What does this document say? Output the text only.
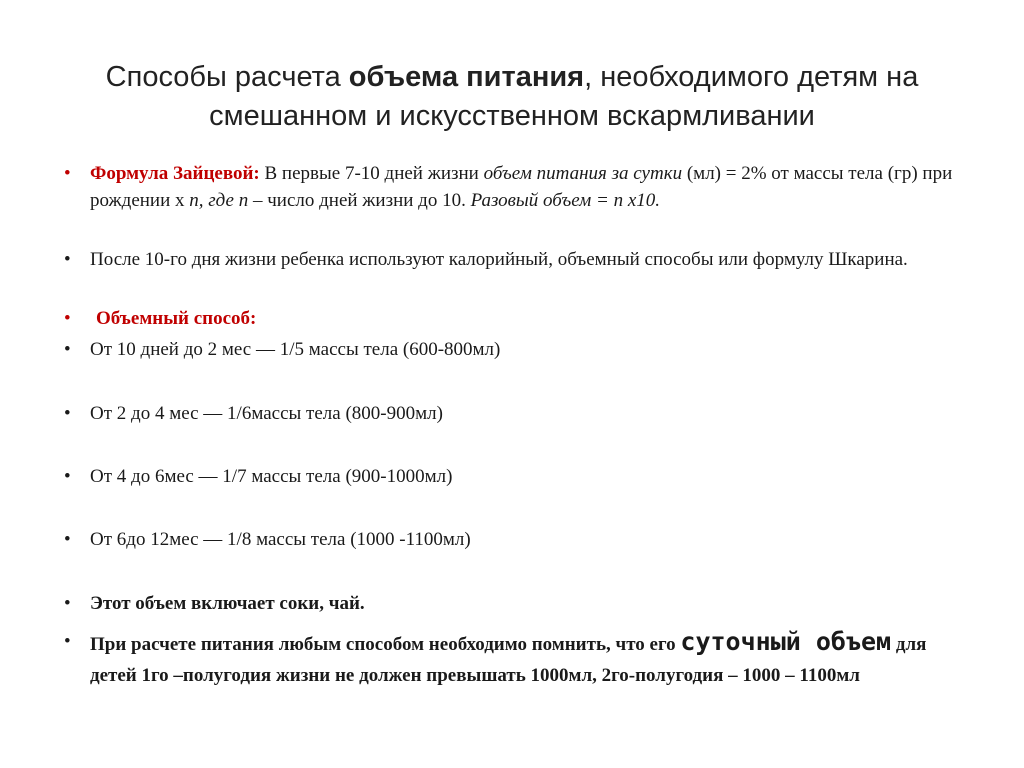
Способы расчета объема питания, необходимого детям на
смешанном и искусственном вскармливании
•	Формула Зайцевой: В первые 7-10 дней жизни объем питания за сутки (мл) = 2% от массы тела (гр) при рождении х n, где n – число дней жизни до 10. Разовый объем = n х10.
•	После 10-го дня жизни ребенка используют калорийный, объемный способы или формулу Шкарина.
•	Объемный способ:
•	От 10 дней до 2 мес — 1/5 массы тела (600-800мл)
•	От 2 до 4 мес — 1/6массы тела (800-900мл)
•	От 4 до 6мес — 1/7 массы тела (900-1000мл)
•	От 6до 12мес — 1/8 массы тела (1000 -1100мл)
•	Этот объем включает соки, чай.
•	При расчете питания любым способом необходимо помнить, что его суточный объем для детей 1го –полугодия жизни не должен превышать 1000мл, 2го-полугодия – 1000 – 1100мл
